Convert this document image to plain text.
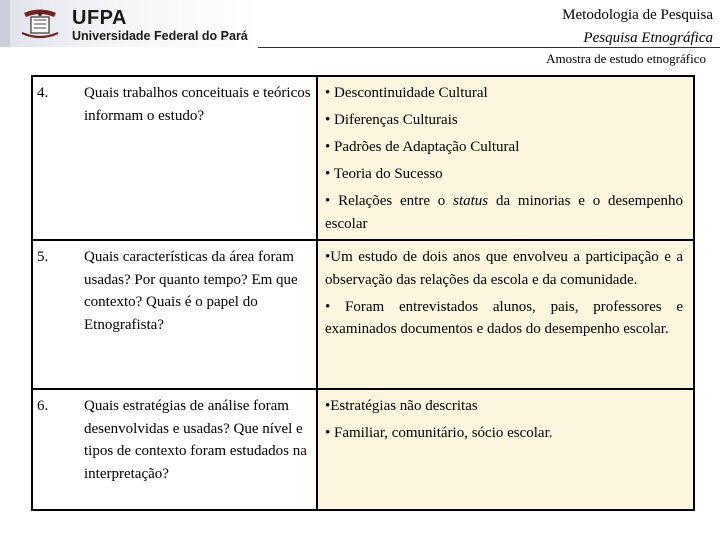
UFPA
Universidade Federal do Pará
Metodologia de Pesquisa
Pesquisa Etnográfica
Amostra de estudo etnográfico
4.	Quais trabalhos conceituais e teóricos informam o estudo?	• Descontinuidade Cultural
• Diferenças Culturais
• Padrões de Adaptação Cultural
• Teoria do Sucesso
• Relações entre o status da minorias e o desempenho escolar

5.	Quais características da área foram usadas? Por quanto tempo? Em que contexto? Quais é o papel do Etnografista?	•Um estudo de dois anos que envolveu a participação e a observação das relações da escola e da comunidade.
• Foram entrevistados alunos, pais, professores e examinados documentos e dados do desempenho escolar.

6.	Quais estratégias de análise foram desenvolvidas e usadas? Que nível e tipos de contexto foram estudados na interpretação?	•Estratégias não descritas
• Familiar, comunitário, sócio escolar.
